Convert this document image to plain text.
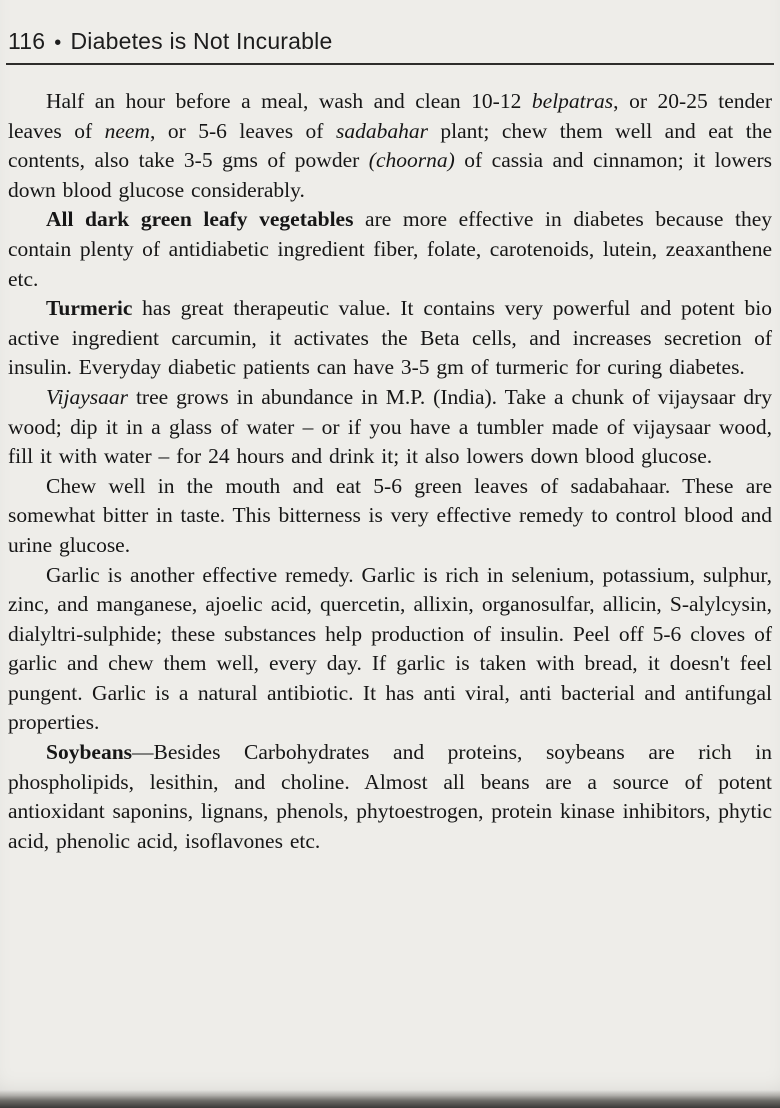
116 • Diabetes is Not Incurable

Half an hour before a meal, wash and clean 10-12 belpatras, or 20-25 tender leaves of neem, or 5-6 leaves of sadabahar plant; chew them well and eat the contents, also take 3-5 gms of powder (choorna) of cassia and cinnamon; it lowers down blood glucose considerably.

All dark green leafy vegetables are more effective in diabetes because they contain plenty of antidiabetic ingredient fiber, folate, carotenoids, lutein, zeaxanthene etc.

Turmeric has great therapeutic value. It contains very powerful and potent bio active ingredient carcumin, it activates the Beta cells, and increases secretion of insulin. Everyday diabetic patients can have 3-5 gm of turmeric for curing diabetes.

Vijaysaar tree grows in abundance in M.P. (India). Take a chunk of vijaysaar dry wood; dip it in a glass of water – or if you have a tumbler made of vijaysaar wood, fill it with water – for 24 hours and drink it; it also lowers down blood glucose.

Chew well in the mouth and eat 5-6 green leaves of sadabahaar. These are somewhat bitter in taste. This bitterness is very effective remedy to control blood and urine glucose.

Garlic is another effective remedy. Garlic is rich in selenium, potassium, sulphur, zinc, and manganese, ajoelic acid, quercetin, allixin, organosulfar, allicin, S-alylcysin, dialyltri-sulphide; these substances help production of insulin. Peel off 5-6 cloves of garlic and chew them well, every day. If garlic is taken with bread, it doesn't feel pungent. Garlic is a natural antibiotic. It has anti viral, anti bacterial and antifungal properties.

Soybeans—Besides Carbohydrates and proteins, soybeans are rich in phospholipids, lesithin, and choline. Almost all beans are a source of potent antioxidant saponins, lignans, phenols, phytoestrogen, protein kinase inhibitors, phytic acid, phenolic acid, isoflavones etc.
